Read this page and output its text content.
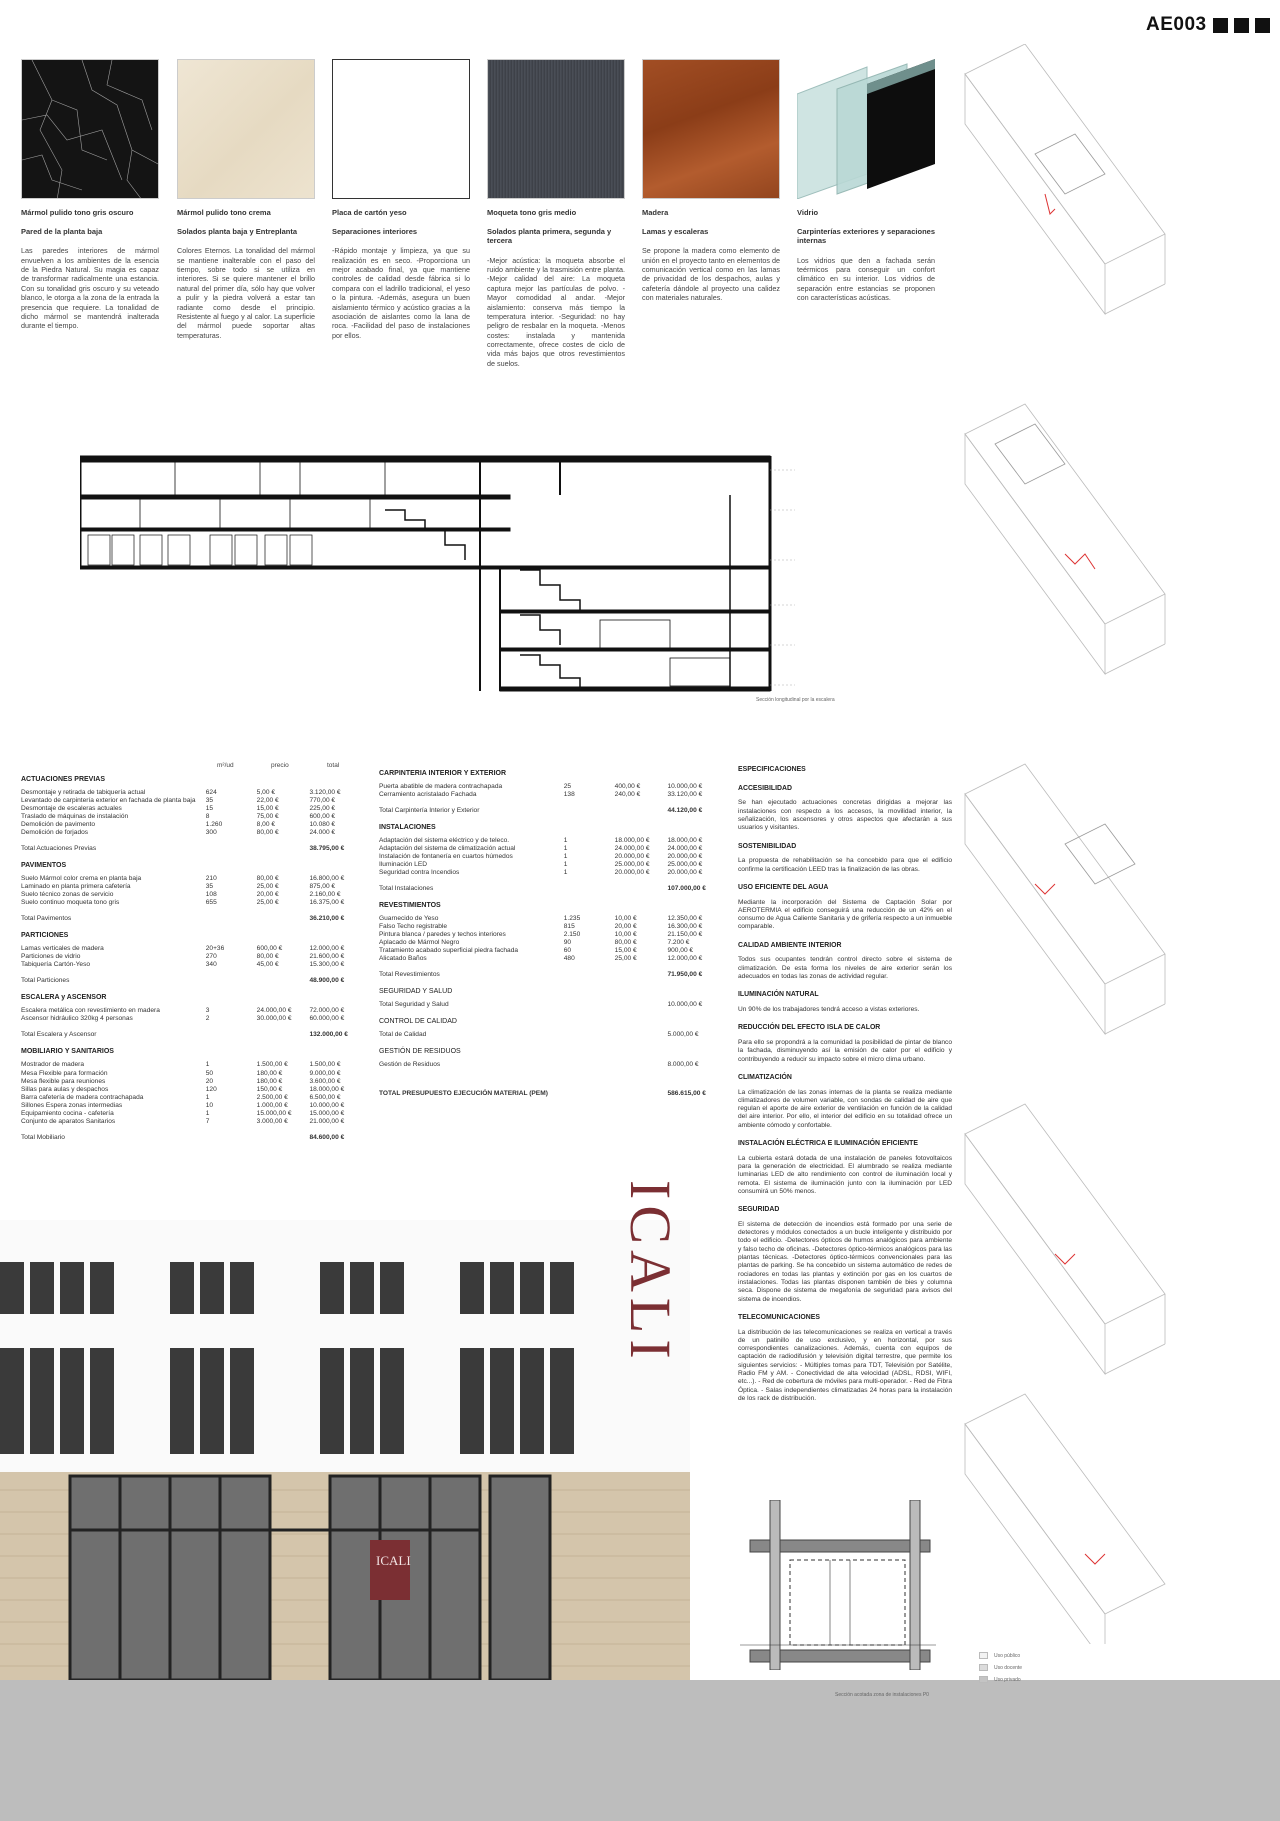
AE003
Mármol pulido tono gris oscuro
Pared de la planta baja
Las paredes interiores de mármol envuelven a los ambientes de la esencia de la Piedra Natural. Su magia es capaz de transformar radicalmente una estancia. Con su tonalidad gris oscuro y su veteado blanco, le otorga a la zona de la entrada la presencia que requiere. La tonalidad de dicho mármol se mantendrá inalterada durante el tiempo.
Mármol pulido tono crema
Solados planta baja y Entreplanta
Colores Eternos. La tonalidad del mármol se mantiene inalterable con el paso del tiempo, sobre todo si se utiliza en interiores. Si se quiere mantener el brillo natural del primer día, sólo hay que volver a pulir y la piedra volverá a estar tan radiante como desde el principio. Resistente al fuego y al calor. La superficie del mármol puede soportar altas temperaturas.
Placa de cartón yeso
Separaciones interiores
-Rápido montaje y limpieza, ya que su realización es en seco. -Proporciona un mejor acabado final, ya que mantiene controles de calidad desde fábrica si lo compara con el ladrillo tradicional, el yeso o la pintura. -Además, asegura un buen aislamiento térmico y acústico gracias a la asociación de aislantes como la lana de roca. -Facilidad del paso de instalaciones por ellos.
Moqueta tono gris medio
Solados planta primera, segunda y tercera
-Mejor acústica: la moqueta absorbe el ruido ambiente y la trasmisión entre planta. -Mejor calidad del aire: La moqueta captura mejor las partículas de polvo. -Mayor comodidad al andar. -Mejor aislamiento: conserva más tiempo la temperatura interior. -Seguridad: no hay peligro de resbalar en la moqueta. -Menos costes: instalada y mantenida correctamente, ofrece costes de ciclo de vida más bajos que otros revestimientos de suelos.
Madera
Lamas y escaleras
Se propone la madera como elemento de unión en el proyecto tanto en elementos de comunicación vertical como en las lamas de privacidad de los despachos, aulas y cafetería dándole al proyecto una calidez con materiales naturales.
Vidrio
Carpinterías exteriores y separaciones internas
Los vidrios que den a fachada serán teérmicos para conseguir un confort climático en su interior. Los vidrios de separación entre estancias se proponen con características acústicas.
Sección longitudinal por la escalera
m²/ud	precio	total
ACTUACIONES PREVIAS
Desmontaje y retirada de tabiquería actual	624	5,00 €	3.120,00 €
Levantado de carpintería exterior en fachada de planta baja	35	22,00 €	770,00 €
Desmontaje de escaleras actuales	15	15,00 €	225,00 €
Traslado de máquinas de instalación	8	75,00 €	600,00 €
Demolición de pavimento	1.260	8,00 €	10.080 €
Demolición de forjados	300	80,00 €	24.000 €
Total Actuaciones Previas	38.795,00 €
PAVIMENTOS
Suelo Mármol color crema en planta baja	210	80,00 €	16.800,00 €
Laminado en planta primera cafetería	35	25,00 €	875,00 €
Suelo técnico zonas de servicio	108	20,00 €	2.160,00 €
Suelo continuo moqueta tono gris	655	25,00 €	16.375,00 €
Total Pavimentos	36.210,00 €
PARTICIONES
Lamas verticales de madera	20+36	600,00 €	12.000,00 €
Particiones de vidrio	270	80,00 €	21.600,00 €
Tabiquería Cartón-Yeso	340	45,00 €	15.300,00 €
Total Particiones	48.900,00 €
ESCALERA y ASCENSOR
Escalera metálica con revestimiento en madera	3	24.000,00 €	72.000,00 €
Ascensor hidráulico 320kg 4 personas	2	30.000,00 €	60.000,00 €
Total Escalera y Ascensor	132.000,00 €
MOBILIARIO Y SANITARIOS
Mostrador de madera	1	1.500,00 €	1.500,00 €
Mesa Flexible para formación	50	180,00 €	9.000,00 €
Mesa flexible para reuniones	20	180,00 €	3.600,00 €
Sillas para aulas y despachos	120	150,00 €	18.000,00 €
Barra cafetería de madera contrachapada	1	2.500,00 €	6.500,00 €
Sillones Espera zonas intermedias	10	1.000,00 €	10.000,00 €
Equipamiento cocina - cafetería	1	15.000,00 €	15.000,00 €
Conjunto de aparatos Sanitarios	7	3.000,00 €	21.000,00 €
Total Mobiliario	84.600,00 €
CARPINTERIA INTERIOR Y EXTERIOR
Puerta abatible de madera contrachapada	25	400,00 €	10.000,00 €
Cerramiento acristalado Fachada	138	240,00 €	33.120,00 €
Total Carpintería Interior y Exterior	44.120,00 €
INSTALACIONES
Adaptación del sistema eléctrico y de teleco.	1	18.000,00 €	18.000,00 €
Adaptación del sistema de climatización actual	1	24.000,00 €	24.000,00 €
Instalación de fontanería en cuartos húmedos	1	20.000,00 €	20.000,00 €
Iluminación LED	1	25.000,00 €	25.000,00 €
Seguridad contra Incendios	1	20.000,00 €	20.000,00 €
Total Instalaciones	107.000,00 €
REVESTIMIENTOS
Guarnecido de Yeso	1.235	10,00 €	12.350,00 €
Falso Techo registrable	815	20,00 €	16.300,00 €
Pintura blanca / paredes y techos interiores	2.150	10,00 €	21.150,00 €
Aplacado de Mármol Negro	90	80,00 €	7.200 €
Tratamiento acabado superficial piedra fachada	60	15,00 €	900,00 €
Alicatado Baños	480	25,00 €	12.000,00 €
Total Revestimientos	71.950,00 €
SEGURIDAD Y SALUD
Total Seguridad y Salud	10.000,00 €
CONTROL DE CALIDAD
Total de Calidad	5.000,00 €
GESTIÓN DE RESIDUOS
Gestión de Residuos	8.000,00 €
TOTAL PRESUPUESTO EJECUCIÓN MATERIAL (PEM)	586.615,00 €
ESPECIFICACIONES
ACCESIBILIDAD
Se han ejecutado actuaciones concretas dirigidas a mejorar las instalaciones con respecto a los accesos, la movilidad interior, la señalización, los ascensores y otros aspectos que afectarán a sus usuarios y visitantes.
SOSTENIBILIDAD
La propuesta de rehabilitación se ha concebido para que el edificio confirme la certificación LEED tras la finalización de las obras.
USO EFICIENTE DEL AGUA
Mediante la incorporación del Sistema de Captación Solar por AEROTERMIA el edificio conseguirá una reducción de un 42% en el consumo de Agua Caliente Sanitaria y de grifería respecto a un inmueble comparable.
CALIDAD AMBIENTE INTERIOR
Todos sus ocupantes tendrán control directo sobre el sistema de climatización. De esta forma los niveles de aire exterior serán los adecuados en todas las zonas de actividad regular.
ILUMINACIÓN NATURAL
Un 90% de los trabajadores tendrá acceso a vistas exteriores.
REDUCCIÓN DEL EFECTO ISLA DE CALOR
Para ello se propondrá a la comunidad la posibilidad de pintar de blanco la fachada, disminuyendo así la emisión de calor por el edificio y contribuyendo a reducir su impacto sobre el micro clima urbano.
CLIMATIZACIÓN
La climatización de las zonas internas de la planta se realiza mediante climatizadores de volumen variable, con sondas de calidad de aire que regulan el aporte de aire exterior de ventilación en función de la calidad del aire interior. Por ello, el interior del edificio en su totalidad ofrece un ambiente cómodo y confortable.
INSTALACIÓN ELÉCTRICA E ILUMINACIÓN EFICIENTE
La cubierta estará dotada de una instalación de paneles fotovoltaicos para la generación de electricidad. El alumbrado se realiza mediante luminarias LED de alto rendimiento con control de iluminación local y remota. El sistema de iluminación junto con la iluminación por LED consumirá un 50% menos.
SEGURIDAD
El sistema de detección de incendios está formado por una serie de detectores y módulos conectados a un bucle inteligente y distribuido por todo el edificio. -Detectores ópticos de humos analógicos para ambiente y falso techo de oficinas. -Detectores óptico-térmicos analógicos para las plantas técnicas. -Detectores óptico-térmicos convencionales para las plantas de parking. Se ha concebido un sistema automático de redes de rociadores en todas las plantas y extinción por gas en los cuartos de instalaciones. Todas las plantas disponen también de bies y columna seca. Dispone de sistema de megafonía de seguridad para avisos del sistema de incendios.
TELECOMUNICACIONES
La distribución de las telecomunicaciones se realiza en vertical a través de un patinillo de uso exclusivo, y en horizontal, por sus correspondientes canalizaciones. Además, cuenta con equipos de captación de radiodifusión y televisión digital terrestre, que permite los siguientes servicios: - Múltiples tomas para TDT, Televisión por Satélite, Radio FM y AM. - Conectividad de alta velocidad (ADSL, RDSI, WIFI, etc...). - Red de cobertura de móviles para multi-operador. - Red de Fibra Óptica. - Salas independientes climatizadas 24 horas para la instalación de los rack de distribución.
ICALI
ICALI
Sección acotada zona de instalaciones P0
Uso público
Uso docente
Uso privado
